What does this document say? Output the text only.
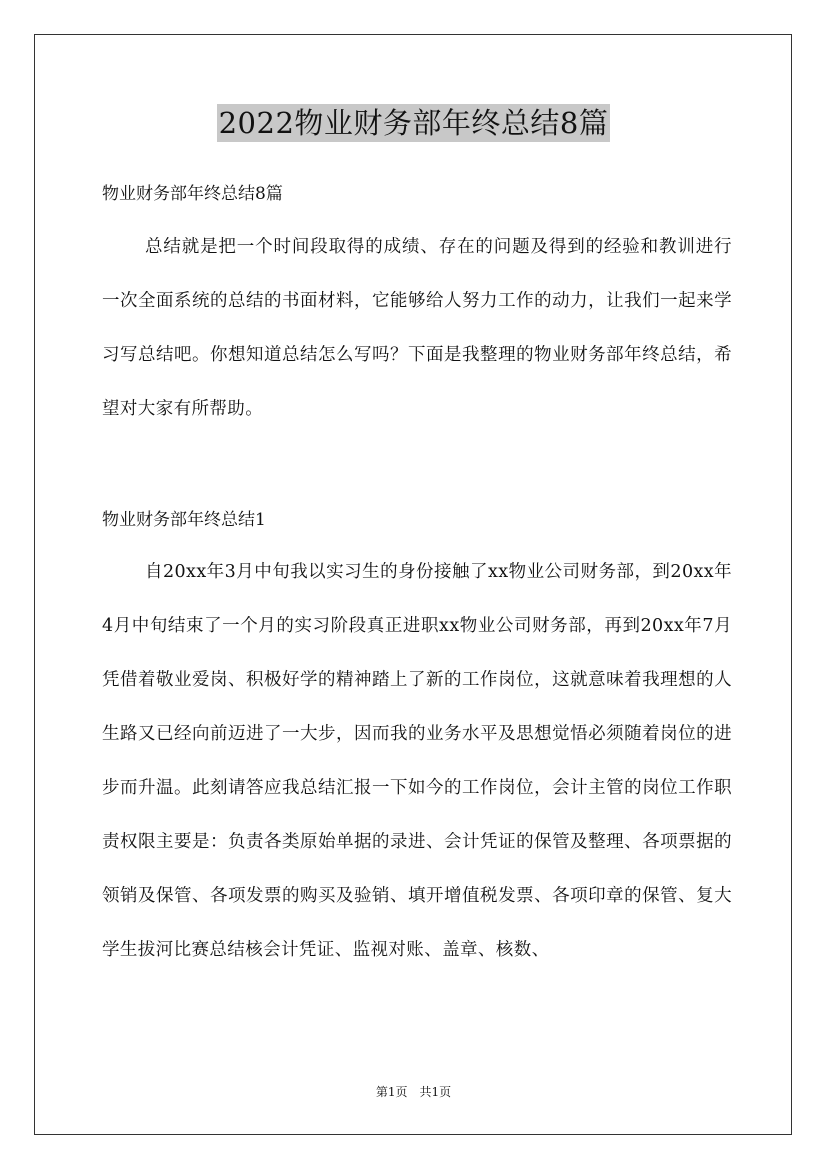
2022物业财务部年终总结8篇
物业财务部年终总结8篇

总结就是把一个时间段取得的成绩、存在的问题及得到的经验和教训进行一次全面系统的总结的书面材料，它能够给人努力工作的动力，让我们一起来学习写总结吧。你想知道总结怎么写吗？下面是我整理的物业财务部年终总结，希望对大家有所帮助。

物业财务部年终总结1

自20xx年3月中旬我以实习生的身份接触了xx物业公司财务部，到20xx年4月中旬结束了一个月的实习阶段真正进职xx物业公司财务部，再到20xx年7月凭借着敬业爱岗、积极好学的精神踏上了新的工作岗位，这就意味着我理想的人生路又已经向前迈进了一大步，因而我的业务水平及思想觉悟必须随着岗位的进步而升温。此刻请答应我总结汇报一下如今的工作岗位，会计主管的岗位工作职责权限主要是：负责各类原始单据的录进、会计凭证的保管及整理、各项票据的领销及保管、各项发票的购买及验销、填开增值税发票、各项印章的保管、复大学生拔河比赛总结核会计凭证、监视对账、盖章、核数、

第1页　共1页
